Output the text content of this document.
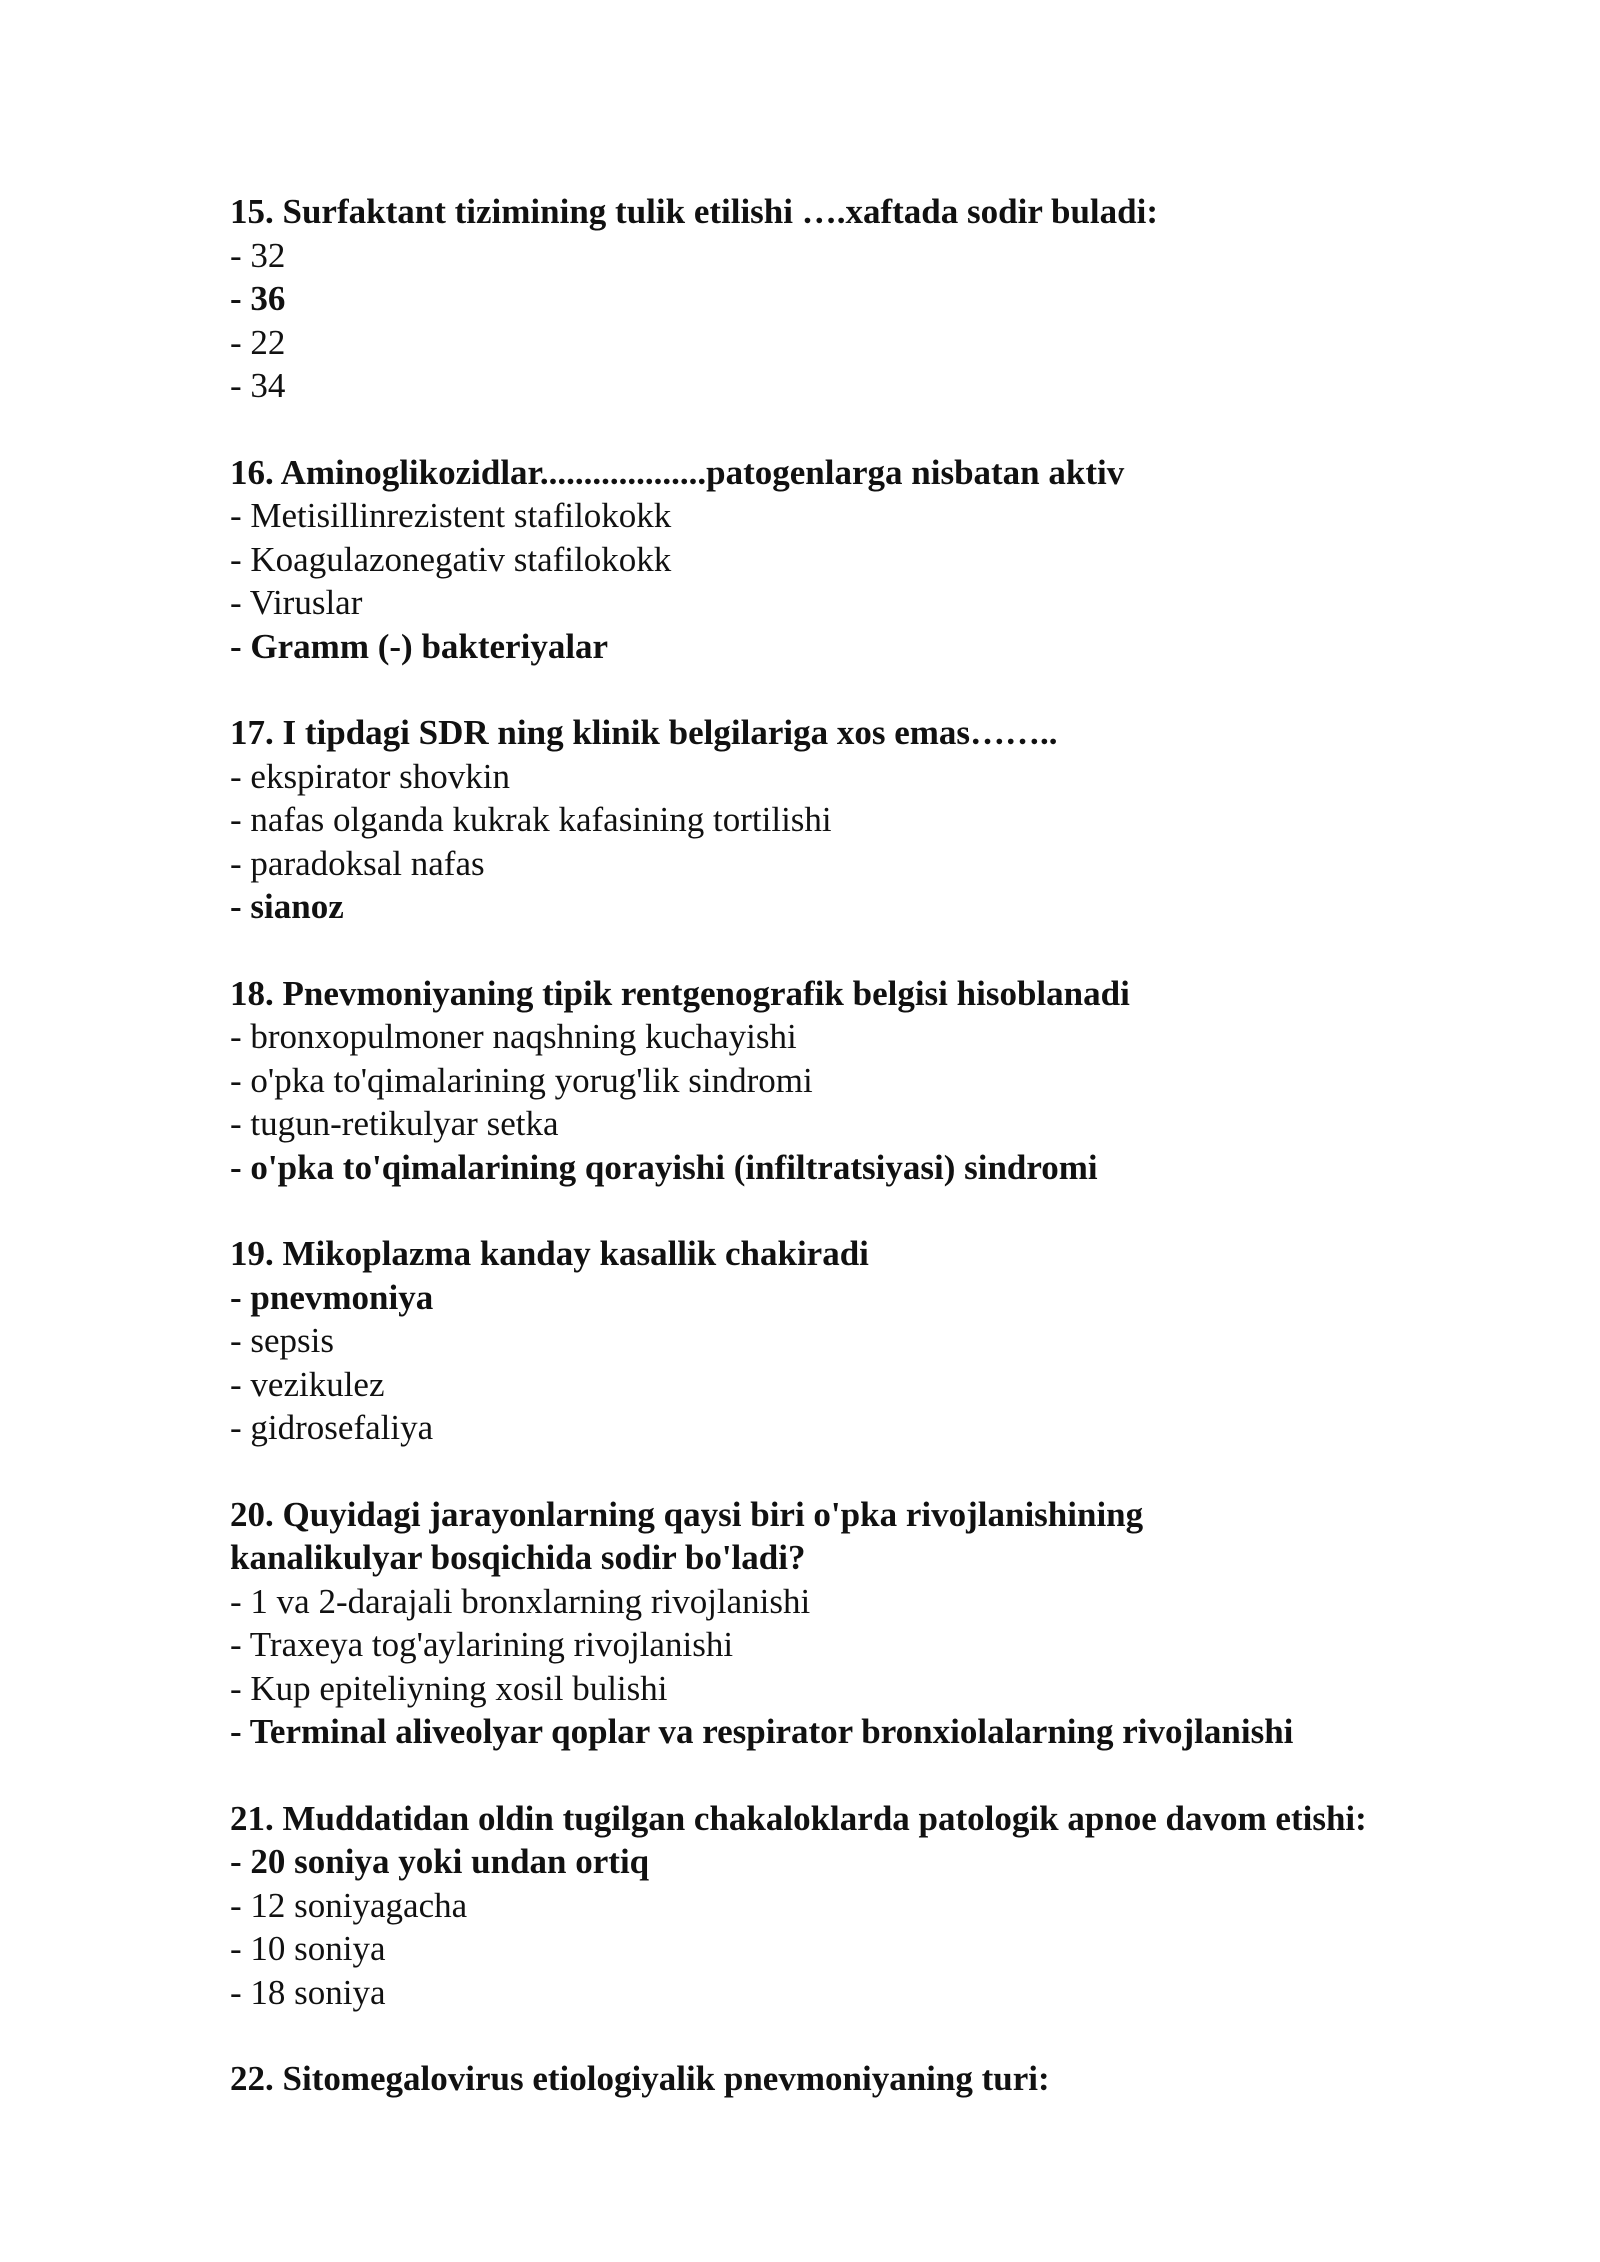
15. Surfaktant tizimining tulik etilishi ….xaftada sodir buladi:
- 32
- 36
- 22
- 34
16. Aminoglikozidlar...................patogenlarga nisbatan aktiv
- Metisillinrezistent stafilokokk
- Koagulazonegativ stafilokokk
- Viruslar
- Gramm (-) bakteriyalar
17. I tipdagi SDR ning klinik belgilariga xos emas……..
- ekspirator shovkin
- nafas olganda kukrak kafasining tortilishi
- paradoksal nafas
- sianoz
18. Pnevmoniyaning tipik rentgenografik belgisi hisoblanadi
- bronxopulmoner naqshning kuchayishi
- o'pka to'qimalarining yorug'lik sindromi
- tugun-retikulyar setka
- o'pka to'qimalarining qorayishi (infiltratsiyasi) sindromi
19. Mikoplazma kanday kasallik chakiradi
- pnevmoniya
- sepsis
- vezikulez
- gidrosefaliya
20. Quyidagi jarayonlarning qaysi biri o'pka rivojlanishining
kanalikulyar bosqichida sodir bo'ladi?
- 1 va 2-darajali bronxlarning rivojlanishi
- Traxeya tog'aylarining rivojlanishi
- Kup epiteliyning xosil bulishi
- Terminal aliveolyar qoplar va respirator bronxiolalarning rivojlanishi
21. Muddatidan oldin tugilgan chakaloklarda patologik apnoe davom etishi:
- 20 soniya yoki undan ortiq
- 12 soniyagacha
- 10 soniya
- 18 soniya
22. Sitomegalovirus etiologiyalik pnevmoniyaning turi:
